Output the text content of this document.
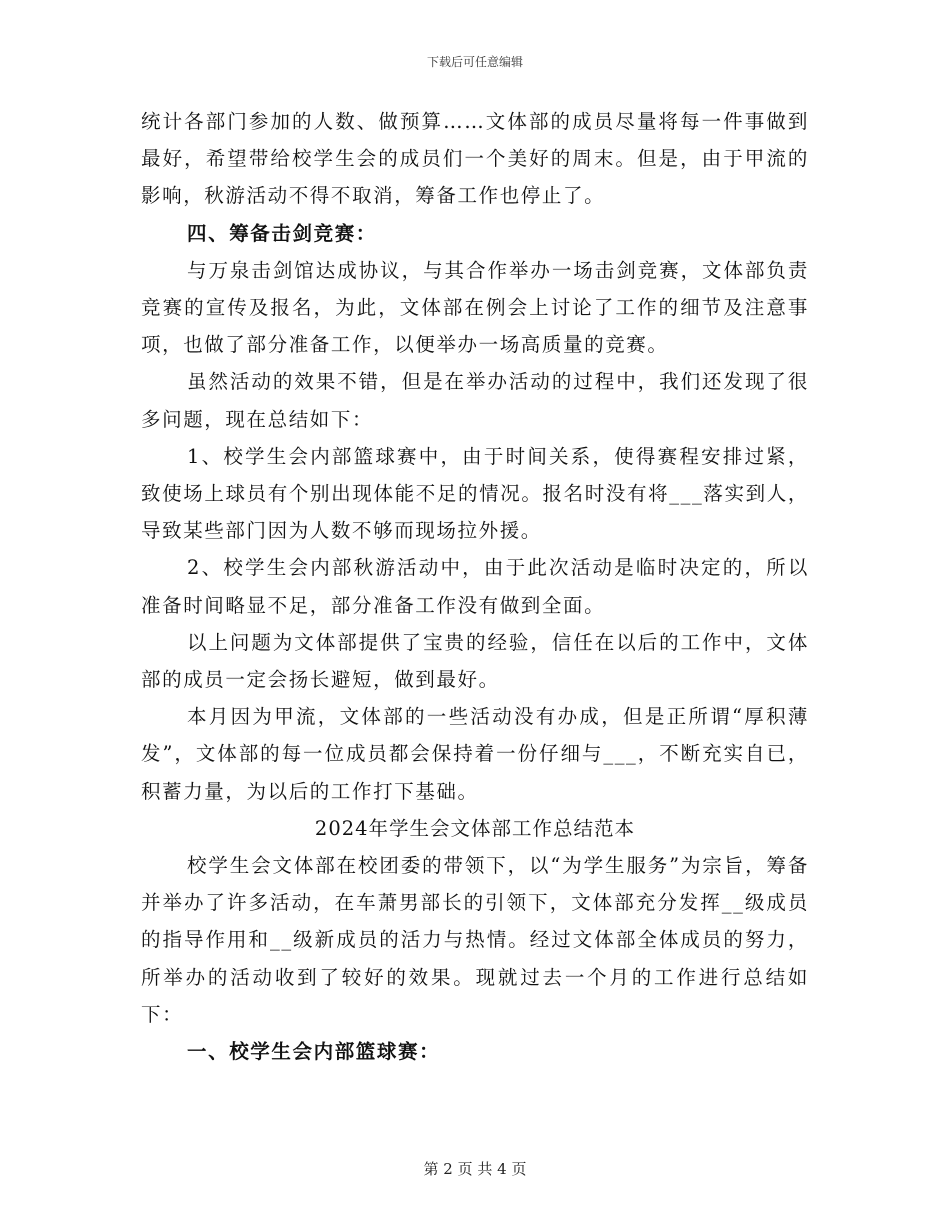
下载后可任意编辑

统计各部门参加的人数、做预算……文体部的成员尽量将每一件事做到最好，希望带给校学生会的成员们一个美好的周末。但是，由于甲流的影响，秋游活动不得不取消，筹备工作也停止了。

四、筹备击剑竞赛：

与万泉击剑馆达成协议，与其合作举办一场击剑竞赛，文体部负责竞赛的宣传及报名，为此，文体部在例会上讨论了工作的细节及注意事项，也做了部分准备工作，以便举办一场高质量的竞赛。

虽然活动的效果不错，但是在举办活动的过程中，我们还发现了很多问题，现在总结如下：

1、校学生会内部篮球赛中，由于时间关系，使得赛程安排过紧，致使场上球员有个别出现体能不足的情况。报名时没有将___落实到人，导致某些部门因为人数不够而现场拉外援。

2、校学生会内部秋游活动中，由于此次活动是临时决定的，所以准备时间略显不足，部分准备工作没有做到全面。

以上问题为文体部提供了宝贵的经验，信任在以后的工作中，文体部的成员一定会扬长避短，做到最好。

本月因为甲流，文体部的一些活动没有办成，但是正所谓“厚积薄发”，文体部的每一位成员都会保持着一份仔细与___，不断充实自已，积蓄力量，为以后的工作打下基础。

2024年学生会文体部工作总结范本

校学生会文体部在校团委的带领下，以“为学生服务”为宗旨，筹备并举办了许多活动，在车萧男部长的引领下，文体部充分发挥__级成员的指导作用和__级新成员的活力与热情。经过文体部全体成员的努力，所举办的活动收到了较好的效果。现就过去一个月的工作进行总结如下：

一、校学生会内部篮球赛：

第 2 页 共 4 页
